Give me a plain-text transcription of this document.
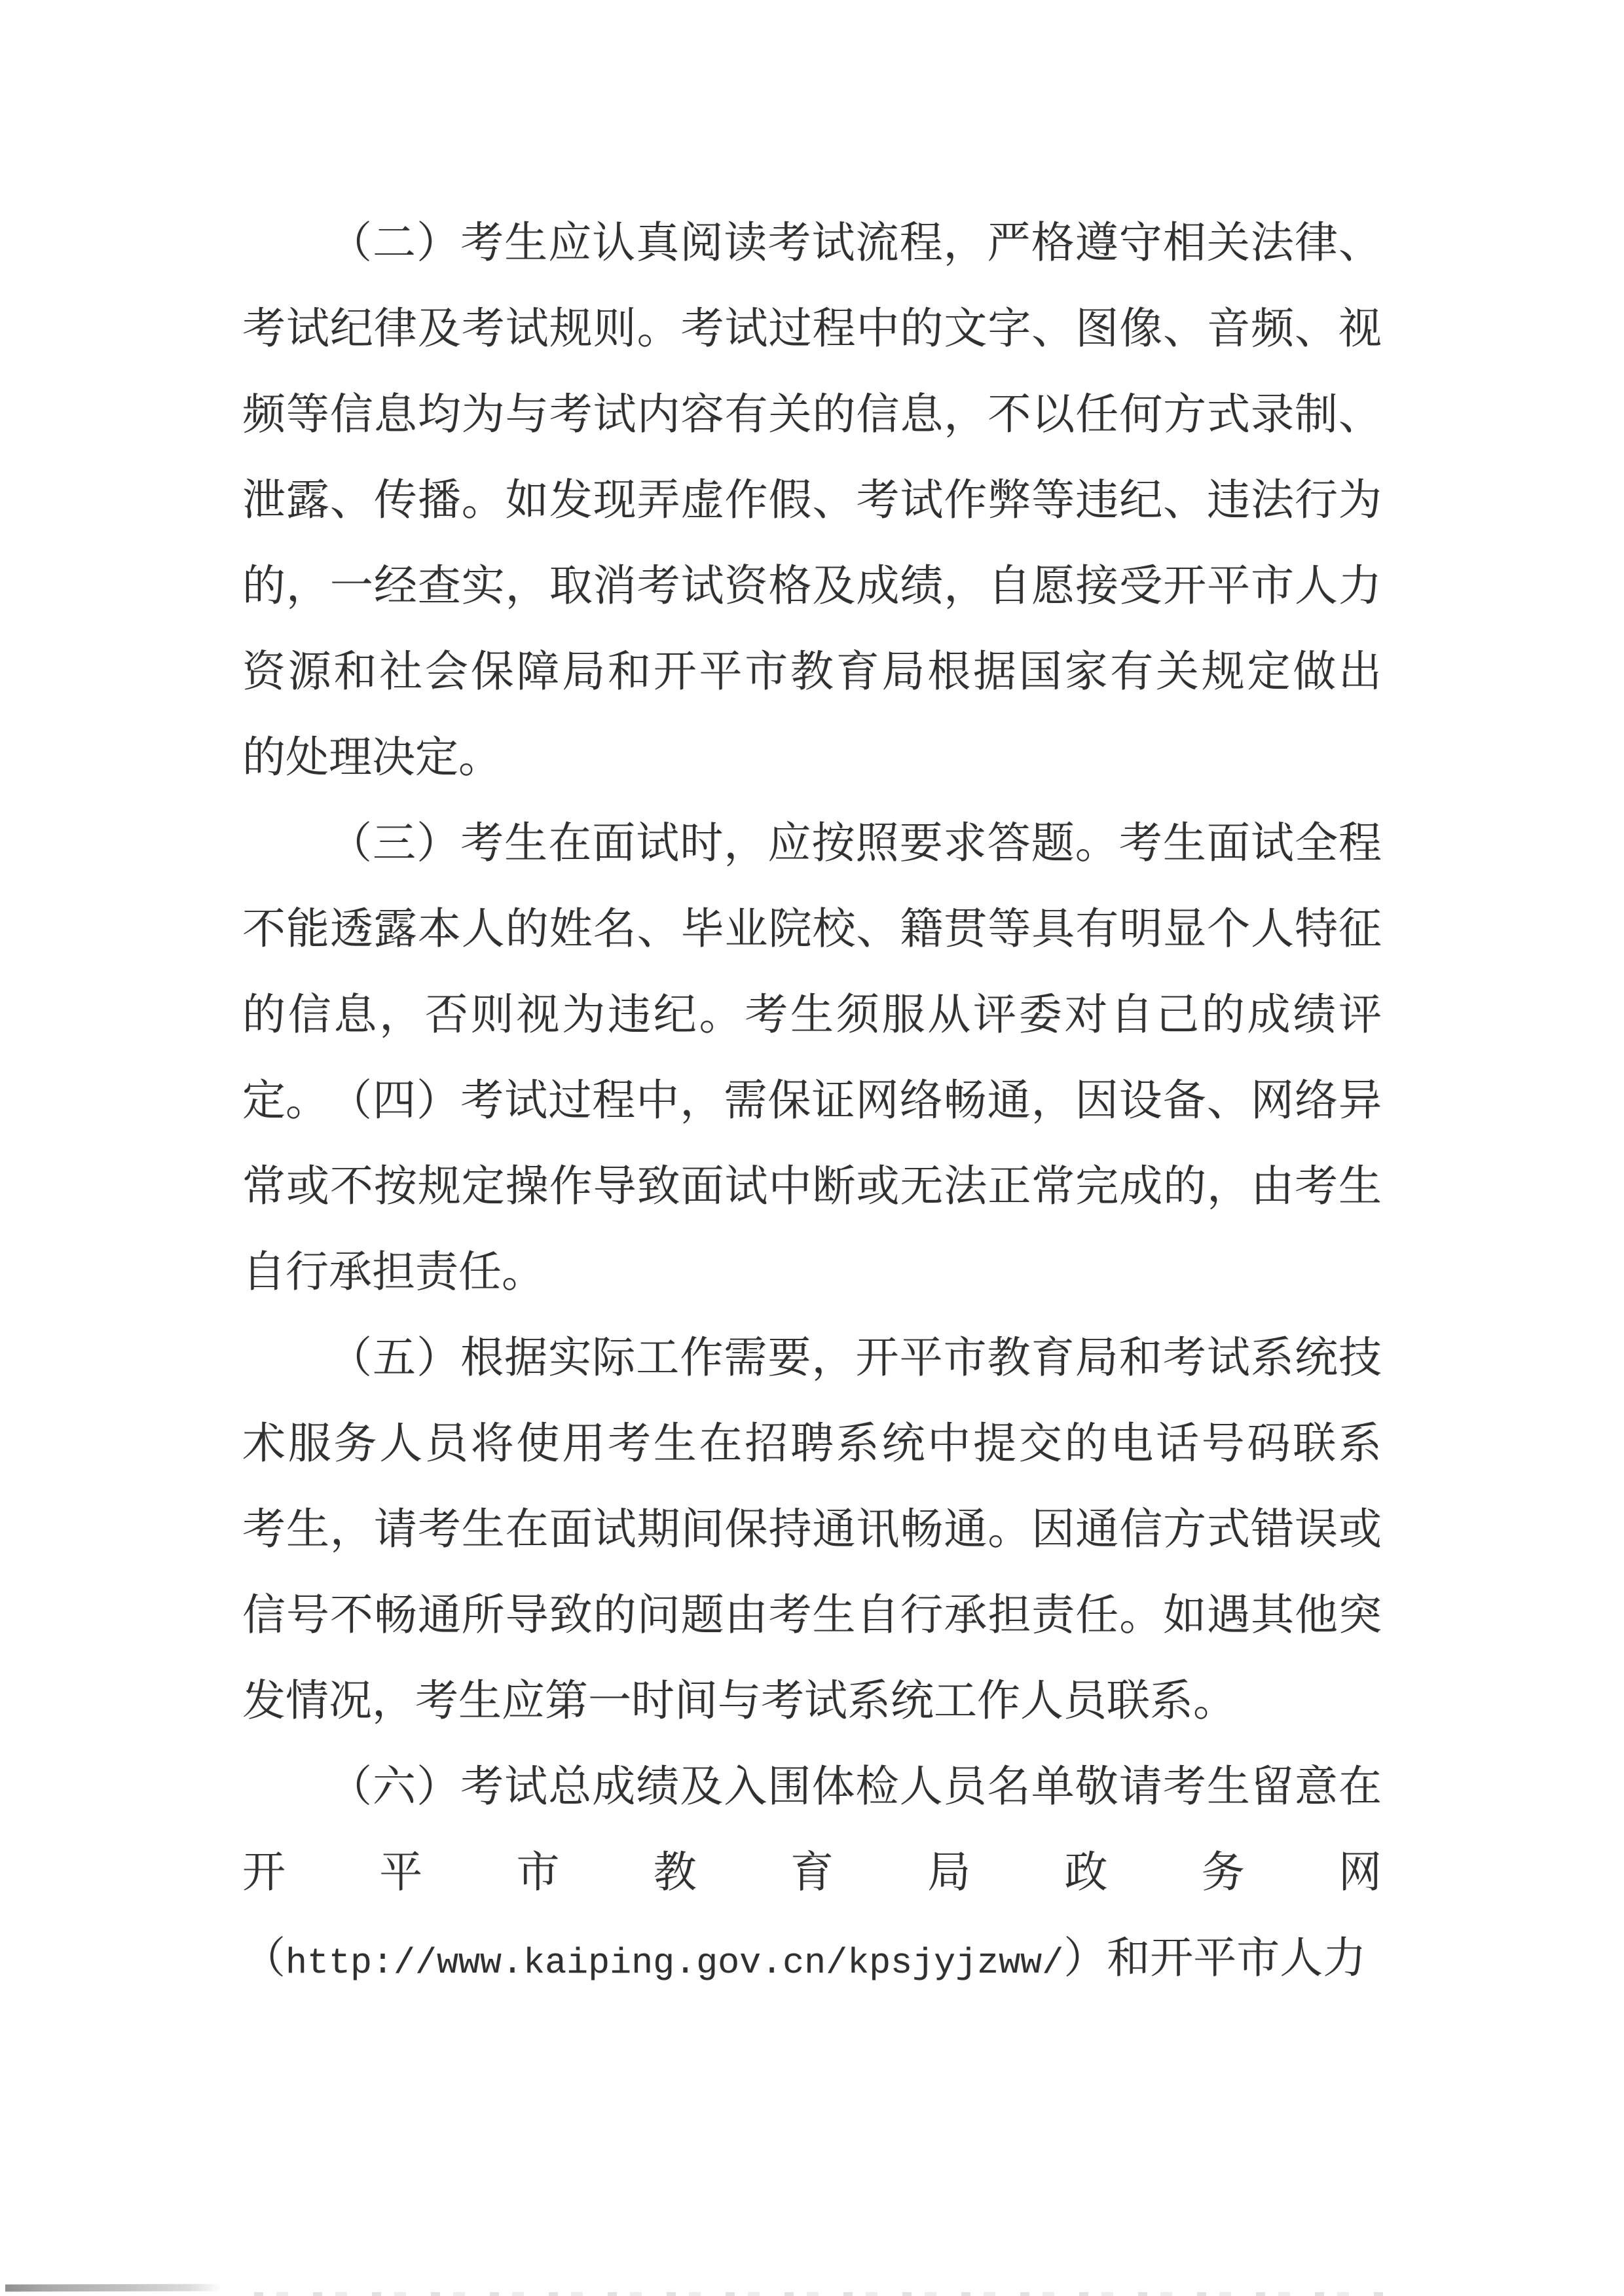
（二）考生应认真阅读考试流程，严格遵守相关法律、
考试纪律及考试规则。考试过程中的文字、图像、音频、视
频等信息均为与考试内容有关的信息，不以任何方式录制、
泄露、传播。如发现弄虚作假、考试作弊等违纪、违法行为
的，一经查实，取消考试资格及成绩，自愿接受开平市人力
资源和社会保障局和开平市教育局根据国家有关规定做出
的处理决定。
（三）考生在面试时，应按照要求答题。考生面试全程
不能透露本人的姓名、毕业院校、籍贯等具有明显个人特征
的信息，否则视为违纪。考生须服从评委对自己的成绩评定。 （四）考试过程中，需保证网络畅通，因设备、网络异
常或不按规定操作导致面试中断或无法正常完成的，由考生
自行承担责任。
（五）根据实际工作需要，开平市教育局和考试系统技
术服务人员将使用考生在招聘系统中提交的电话号码联系
考生，请考生在面试期间保持通讯畅通。因通信方式错误或
信号不畅通所导致的问题由考生自行承担责任。如遇其他突
发情况，考生应第一时间与考试系统工作人员联系。
（六）考试总成绩及入围体检人员名单敬请考生留意在
开平市教育局政务网
（http://www.kaiping.gov.cn/kpsjyjzww/）和开平市人力
